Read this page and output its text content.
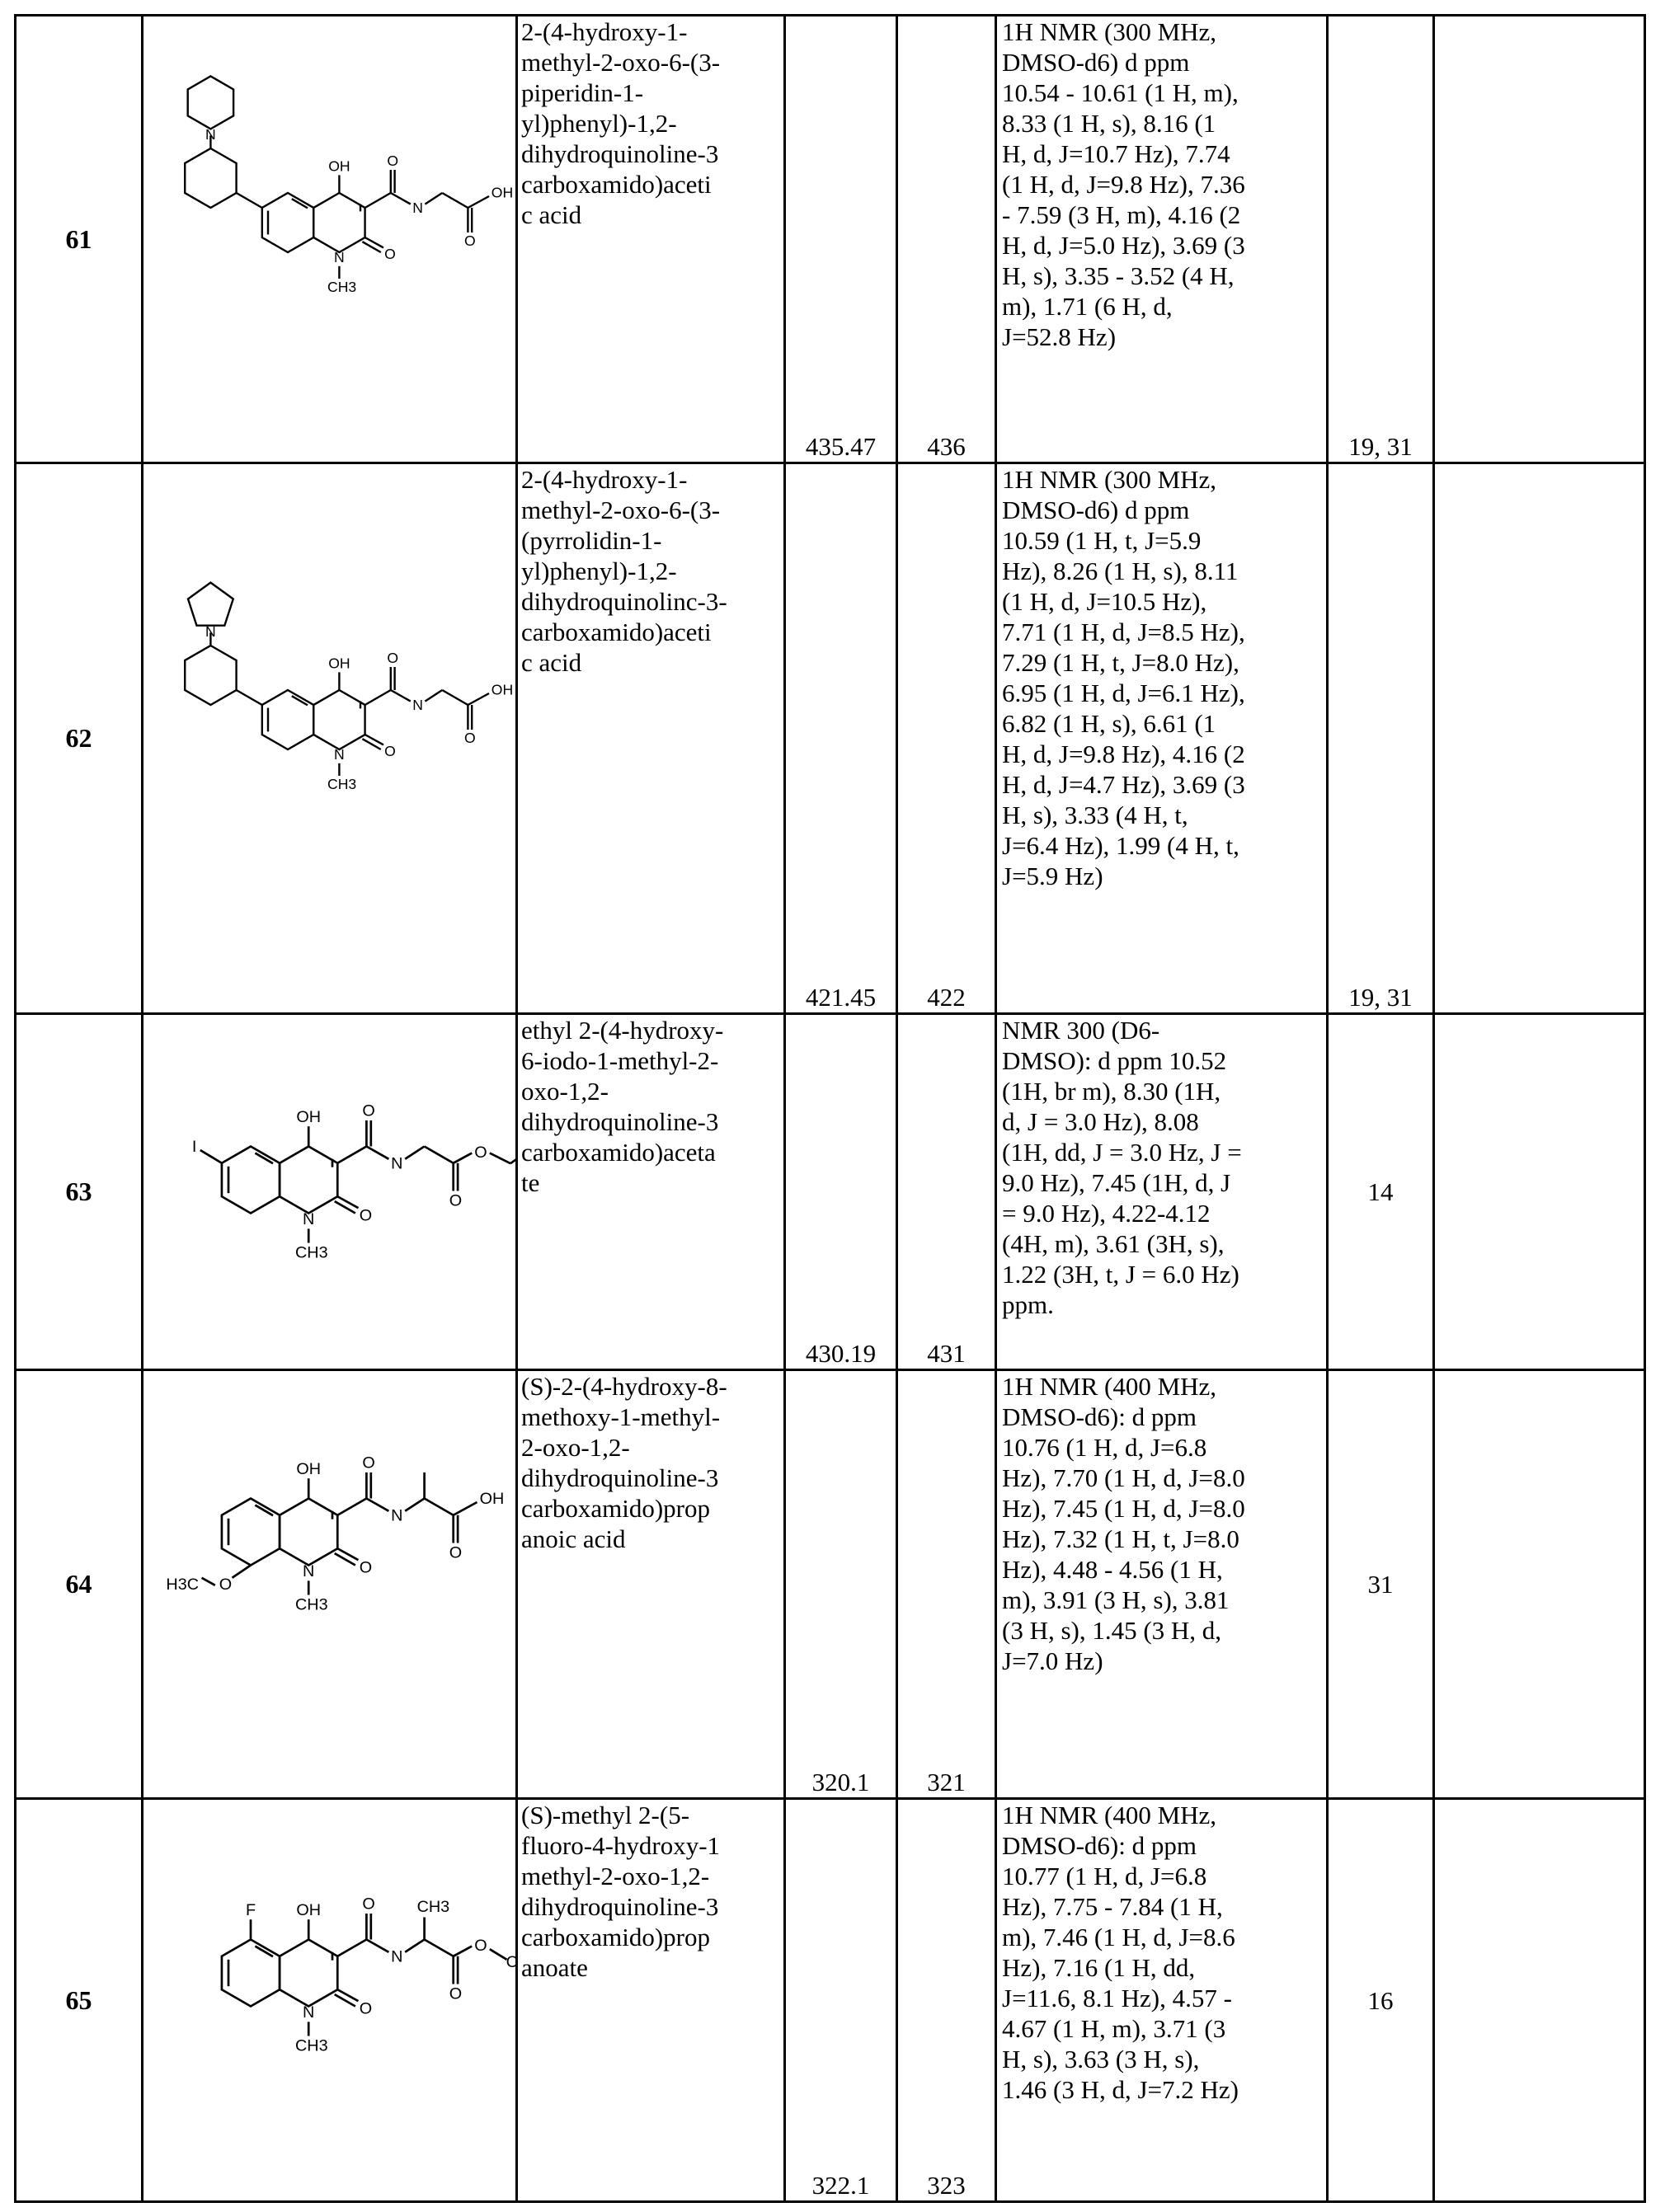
61	
OH
O
N
CH3
O
N
O
OH
N
	2-(4-hydroxy-1-
methyl-2-oxo-6-(3-
piperidin-1-
yl)phenyl)-1,2-
dihydroquinoline-3
carboxamido)aceti
c acid	435.47	436	1H NMR (300 MHz,
DMSO-d6) d ppm
10.54 - 10.61 (1 H, m),
8.33 (1 H, s), 8.16 (1
H, d, J=10.7 Hz), 7.74
(1 H, d, J=9.8 Hz), 7.36
- 7.59 (3 H, m), 4.16 (2
H, d, J=5.0 Hz), 3.69 (3
H, s), 3.35 - 3.52 (4 H,
m), 1.71 (6 H, d,
J=52.8 Hz)	19, 31	
62	
OH
O
N
CH3
O
N
O
OH
N
	2-(4-hydroxy-1-
methyl-2-oxo-6-(3-
(pyrrolidin-1-
yl)phenyl)-1,2-
dihydroquinolinc-3-
carboxamido)aceti
c acid	421.45	422	1H NMR (300 MHz,
DMSO-d6) d ppm
10.59 (1 H, t, J=5.9
Hz), 8.26 (1 H, s), 8.11
(1 H, d, J=10.5 Hz),
7.71 (1 H, d, J=8.5 Hz),
7.29 (1 H, t, J=8.0 Hz),
6.95 (1 H, d, J=6.1 Hz),
6.82 (1 H, s), 6.61 (1
H, d, J=9.8 Hz), 4.16 (2
H, d, J=4.7 Hz), 3.69 (3
H, s), 3.33 (4 H, t,
J=6.4 Hz), 1.99 (4 H, t,
J=5.9 Hz)	19, 31	
63	
OH
O
N
CH3
O
N
O
O
I
	ethyl 2-(4-hydroxy-
6-iodo-1-methyl-2-
oxo-1,2-
dihydroquinoline-3
carboxamido)aceta
te	430.19	431	NMR 300 (D6-
DMSO): d ppm 10.52
(1H, br m), 8.30 (1H,
d, J = 3.0 Hz), 8.08
(1H, dd, J = 3.0 Hz, J =
9.0 Hz), 7.45 (1H, d, J
= 9.0 Hz), 4.22-4.12
(4H, m), 3.61 (3H, s),
1.22 (3H, t, J = 6.0 Hz)
ppm.	14	
64	
OH
O
N
CH3
O
N
O
OH
O
H3C
	(S)-2-(4-hydroxy-8-
methoxy-1-methyl-
2-oxo-1,2-
dihydroquinoline-3
carboxamido)prop
anoic acid	320.1	321	1H NMR (400 MHz,
DMSO-d6): d ppm
10.76 (1 H, d, J=6.8
Hz), 7.70 (1 H, d, J=8.0
Hz), 7.45 (1 H, d, J=8.0
Hz), 7.32 (1 H, t, J=8.0
Hz), 4.48 - 4.56 (1 H,
m), 3.91 (3 H, s), 3.81
(3 H, s), 1.45 (3 H, d,
J=7.0 Hz)	31	
65	
OH
O
N
CH3
O
N
CH3
O
O
C
F
	(S)-methyl 2-(5-
fluoro-4-hydroxy-1
methyl-2-oxo-1,2-
dihydroquinoline-3
carboxamido)prop
anoate	322.1	323	1H NMR (400 MHz,
DMSO-d6): d ppm
10.77 (1 H, d, J=6.8
Hz), 7.75 - 7.84 (1 H,
m), 7.46 (1 H, d, J=8.6
Hz), 7.16 (1 H, dd,
J=11.6, 8.1 Hz), 4.57 -
4.67 (1 H, m), 3.71 (3
H, s), 3.63 (3 H, s),
1.46 (3 H, d, J=7.2 Hz)	16	
